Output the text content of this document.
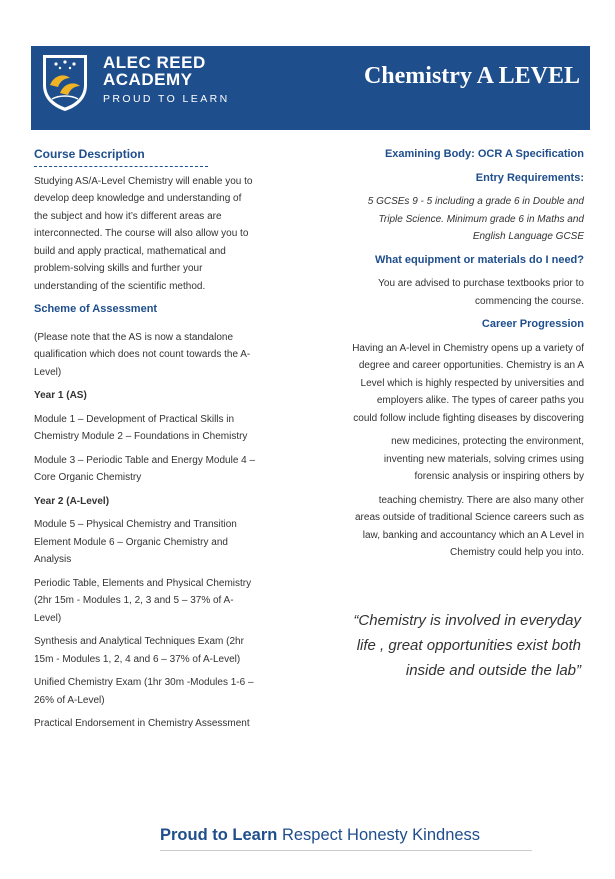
ALEC REED
ACADEMY
PROUD TO LEARN
Chemistry A LEVEL
Course Description

Studying AS/A-Level Chemistry will enable you to develop deep knowledge and understanding of the subject and how it’s different areas are interconnected. The course will also allow you to build and apply practical, mathematical and problem-solving skills and further your understanding of the scientific method.

Scheme of Assessment

(Please note that the AS is now a standalone qualification which does not count towards the A-Level)

Year 1 (AS)

Module 1 – Development of Practical Skills in Chemistry Module 2 – Foundations in Chemistry

Module 3 – Periodic Table and Energy Module 4 – Core Organic Chemistry

Year 2 (A-Level)

Module 5 – Physical Chemistry and Transition Element Module 6 – Organic Chemistry and Analysis

Periodic Table, Elements and Physical Chemistry (2hr 15m - Modules 1, 2, 3 and 5 – 37% of A-Level)

Synthesis and Analytical Techniques Exam (2hr 15m - Modules 1, 2, 4 and 6 – 37% of A-Level)

Unified Chemistry Exam (1hr 30m -Modules 1-6 – 26% of A-Level)

Practical Endorsement in Chemistry Assessment

Examining Body: OCR A Specification

Entry Requirements:

5 GCSEs 9 - 5 including a grade 6 in Double and Triple Science. Minimum grade 6 in Maths and English Language GCSE

What equipment or materials do I need?

You are advised to purchase textbooks prior to commencing the course.

Career Progression

Having an A-level in Chemistry opens up a variety of degree and career opportunities. Chemistry is an A Level which is highly respected by universities and employers alike. The types of career paths you could follow include fighting diseases by discovering

new medicines, protecting the environment, inventing new materials, solving crimes using forensic analysis or inspiring others by

teaching chemistry. There are also many other areas outside of traditional Science careers such as law, banking and accountancy which an A Level in Chemistry could help you into.

“Chemistry is involved in everyday life , great opportunities exist both inside and outside the lab”
Proud to Learn Respect Honesty Kindness
